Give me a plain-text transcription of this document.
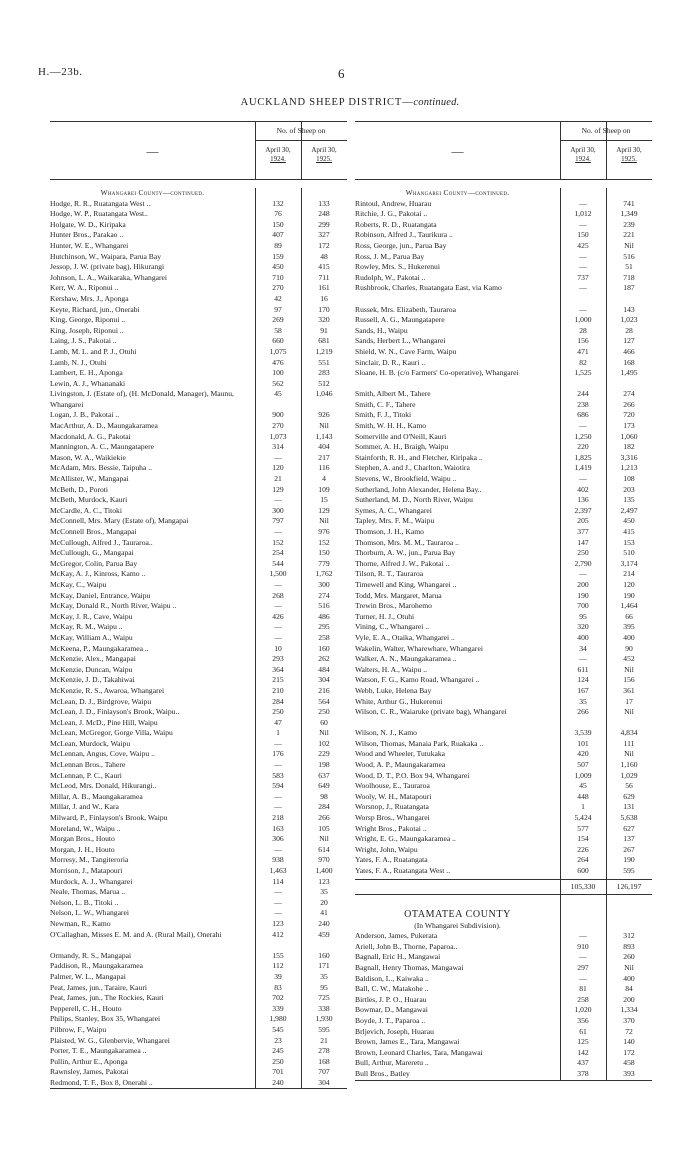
H.—23b.	6
AUCKLAND SHEEP DISTRICT—continued.
—
No. of Sheep on
April 30,
1924.
April 30,
1925.
Whangarei County—continued.
Hodge, R. R., Ruatangata West ..	132	133
Hodge, W. P., Ruatangata West..	76	248
Holgate, W. D., Kiripaka	150	299
Hunter Bros., Parakao ..	407	327
Hunter, W. E., Whangarei	89	172
Hutchinson, W., Waipara, Parua Bay	159	48
Jessop, J. W. (private bag), Hikurangi	450	415
Johnson, L. A., Waikaraka, Whangarei	710	711
Kerr, W. A., Riponui ..	270	161
Kershaw, Mrs. J., Aponga	42	16
Keyte, Richard, jun., Onerabi	97	170
King, George, Riponui ..	269	320
King, Joseph, Riponui ..	58	91
Laing, J. S., Pakotai ..	660	681
Lamb, M. L. and P. J., Otuhi	1,075	1,219
Lamb, N. J., Otuhi	476	551
Lambert, E. H., Aponga	100	283
Lewin, A. J., Whananaki	562	512
Livingston, J. (Estate of), (H. McDonald, Manager), Maunu, Whangarei
45	1,046
Logan, J. B., Pakotai ..	900	926
MacArthur, A. D., Maungakaramea	270	Nil
Macdonald, A. G., Pakotai	1,073	1,143
Mannington, A. C., Maungatapere	314	404
Mason, W. A., Waikiekie	—	217
McAdam, Mrs. Bessie, Taipuha ..	120	116
McAllister, W., Mangapai	21	4
McBeth, D., Poroti	129	109
McBeth, Murdock, Kauri	—	15
McCardle, A. C., Titoki	300	129
McConnell, Mrs. Mary (Estate of), Mangapai	797	Nil
McConnell Bros., Mangapai	—	976
McCullough, Alfred J., Tauraroa..	152	152
McCullough, G., Mangapai	254	150
McGregor, Colin, Parua Bay	544	779
McKay, A. J., Kinross, Kamo ..	1,500	1,762
McKay, C., Waipu	—	300
McKay, Daniel, Entrance, Waipu	268	274
McKay, Donald R., North River, Waipu ..	—	516
McKay, J. R., Cave, Waipu	426	486
McKay, R. M., Waipu ..	—	295
McKay, William A., Waipu	—	258
McKeena, P., Maungakaramea ..	10	160
McKenzie, Alex., Mangapai	293	262
McKenzie, Duncan, Waipu	364	484
McKenzie, J. D., Takahiwai	215	304
McKenzie, R. S., Awaroa, Whangarei	210	216
McLean, D. J., Birdgrove, Waipu	284	564
McLean, J. D., Finlayson's Brook, Waipu..	250	250
McLean, J. McD., Pine Hill, Waipu	47	60
McLean, McGregor, Gorge Villa, Waipu	1	Nil
McLean, Murdock, Waipu	—	102
McLennan, Angus, Cove, Waipu ..	176	229
McLennan Bros., Tahere	—	198
McLennan, P. C., Kauri	583	637
McLeod, Mrs. Donald, Hikurangi..	594	649
Millar, A. B., Maungakaramea	—	98
Millar, J. and W., Kara	—	284
Milward, P., Finlayson's Brook, Waipu	218	266
Moreland, W., Waipu ..	163	105
Morgan Bros., Houto	306	Nil
Morgan, J. H., Houto	—	614
Morresy, M., Tangiteroria	938	970
Morrison, J., Matapouri	1,463	1,400
Murdock, A. J., Whangarei	114	123
Neale, Thomas, Maruа ..	—	35
Nelson, L. B., Titoki ..	—	20
Nelson, L. W., Whangarei	—	41
Newman, R., Kamo	123	240
O'Callaghan, Misses E. M. and A. (Rural Mail), Onerahi	412	459
Ormandy, R. S., Mangapai	155	160
Paddison, R., Maungakaramea	112	171
Palmer, W. L., Mangapai	39	35
Peat, James, jun., Taraire, Kauri	83	95
Peat, James, jun., The Rockies, Kauri	702	725
Pepperell, C. H., Houto	339	338
Philips, Stanley, Box 35, Whangarei	1,980	1,930
Pilbrow, F., Waipu	545	595
Plaisted, W. G., Glenbervie, Whangarei	23	21
Porter, T. E., Maungakaramea ..	245	278
Pullin, Arthur E., Aponga	250	168
Rawnsley, James, Pakotai	701	707
Redmond, T. F., Box 8, Onerahi ..	240	304
—
No. of Sheep on
April 30,
1924.
April 30,
1925.
Whangarei County—continued.
Rintoul, Andrew, Huarau	—	741
Ritchie, J. G., Pakotai ..	1,012	1,349
Roberts, R. D., Ruatangata	—	239
Robinson, Alfred J., Taurikura ..	150	221
Ross, George, jun., Parua Bay	425	Nil
Ross, J. M., Parua Bay	—	516
Rowley, Mrs. S., Hukerenui	—	51
Rudolph, W., Pakotai ..	737	718
Rushbrook, Charles, Ruatangata East, via Kamo	—	187
Russek, Mrs. Elizabeth, Tauraroa	—	143
Russell, A. G., Maungatapere	1,000	1,023
Sands, H., Waipu	28	28
Sands, Herbert L., Whangarei	156	127
Shield, W. N., Cave Farm, Waipu	471	466
Sinclair, D. R., Kauri ..	82	168
Sloane, H. B. (c/o Farmers' Co-operative), Whangarei	1,525	1,495
Smith, Albert M., Tahere	244	274
Smith, C. F., Tahere	238	266
Smith, F. J., Titoki	686	720
Smith, W. H. H., Kamo	—	173
Somerville and O'Neill, Kauri	1,250	1,060
Sommer, A. H., Braigh, Waipu	220	182
Stainforth, R. H., and Fletcher, Kiripaka ..	1,825	3,316
Stephen, A. and J., Charlton, Waiotira	1,419	1,213
Stevens, W., Brookfield, Waipu ..	—	108
Sutherland, John Alexander, Helena Bay..	402	203
Sutherland, M. D., North River, Waipu	136	135
Symes, A. C., Whangarei	2,397	2,497
Tapley, Mrs. F. M., Waipu	205	450
Thomson, J. H., Kamo	377	415
Thomson, Mrs. M. M., Tauraroa ..	147	153
Thorburn, A. W., jun., Parua Bay	250	510
Thorne, Alfred J. W., Pakotai ..	2,790	3,174
Tilson, R. T., Tauraroa	—	214
Timewell and King, Whangarei ..	200	120
Todd, Mrs. Margaret, Marua	190	190
Trewin Bros., Marohemo	700	1,464
Turner, H. J., Otuhi	95	66
Vining, C., Whangarei ..	320	395
Vyle, E. A., Otaika, Whangarei ..	400	400
Wakelin, Walter, Wharewhare, Whangarei	34	90
Walker, A. N., Maungakaramea ..	—	452
Walters, H. A., Waipu ..	611	Nil
Watson, F. G., Kamo Road, Whangarei ..	124	156
Webb, Luke, Helena Bay	167	361
White, Arthur G., Hukerenui	35	17
Wilson, C. R., Waiaruke (private bag), Whangarei	266	Nil
Wilson, N. J., Kamo	3,539	4,834
Wilson, Thomas, Manaia Park, Ruakaka ..	101	111
Wood and Wheeler, Tutukaka	420	Nil
Wood, A. P., Maungakaramea	507	1,160
Wood, D. T., P.O. Box 94, Whangarei	1,009	1,029
Woolhouse, E., Tauraroa	45	56
Wooly, W. H., Matapouri	448	629
Worsnop, J., Ruatangata	1	131
Worsp Bros., Whangarei	5,424	5,638
Wright Bros., Pakotai ..	577	627
Wright, E. G., Maungakaramea ..	154	137
Wright, John, Waipu	226	267
Yates, F. A., Ruatangata	264	190
Yates, F. A., Ruatangata West ..	600	595
105,330	126,197
OTAMATEA COUNTY
(In Whangarei Subdivision).
Anderson, James, Pukerata	—	312
Ariell, John B., Thorne, Paparoa..	910	893
Bagnall, Eric H., Mangawai	—	260
Bagnall, Henry Thomas, Mangawai	297	Nil
Baldison, L., Kaiwaka ..	—	400
Ball, C. W., Matakohe ..	81	84
Birtles, J. P. O., Huarau	258	200
Bowmar, D., Mangawai	1,020	1,334
Boyde, J. T., Paparoa ..	356	370
Brljevich, Joseph, Huarau	61	72
Brown, James E., Tara, Mangawai	125	140
Brown, Leonard Charles, Tara, Mangawai	142	172
Bull, Arthur, Mareretu ..	437	458
Bull Bros., Batley	378	393
